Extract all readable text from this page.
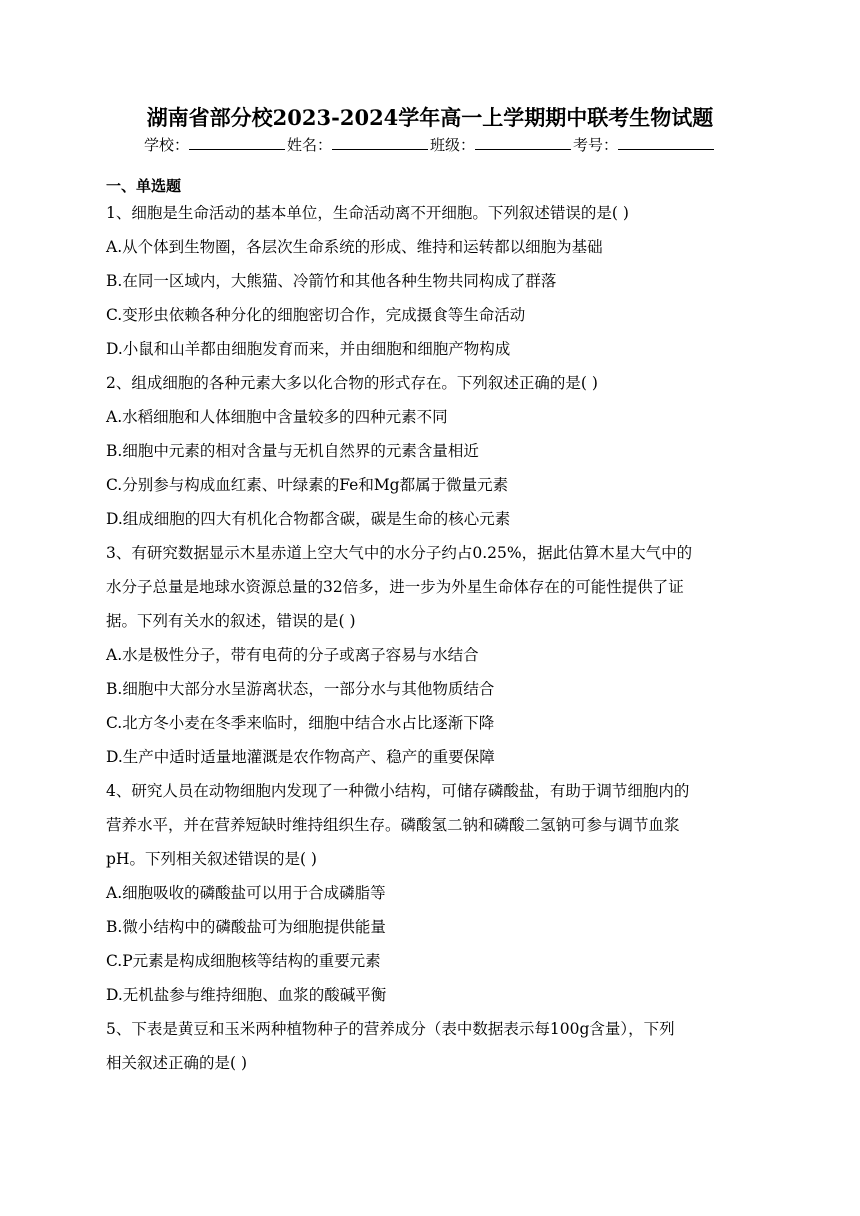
湖南省部分校2023-2024学年高一上学期期中联考生物试题
学校：	姓名：	班级：	考号：
一、单选题
1、细胞是生命活动的基本单位，生命活动离不开细胞。下列叙述错误的是( )
A.从个体到生物圈，各层次生命系统的形成、维持和运转都以细胞为基础
B.在同一区域内，大熊猫、冷箭竹和其他各种生物共同构成了群落
C.变形虫依赖各种分化的细胞密切合作，完成摄食等生命活动
D.小鼠和山羊都由细胞发育而来，并由细胞和细胞产物构成
2、组成细胞的各种元素大多以化合物的形式存在。下列叙述正确的是( )
A.水稻细胞和人体细胞中含量较多的四种元素不同
B.细胞中元素的相对含量与无机自然界的元素含量相近
C.分别参与构成血红素、叶绿素的Fe和Mg都属于微量元素
D.组成细胞的四大有机化合物都含碳，碳是生命的核心元素
3、有研究数据显示木星赤道上空大气中的水分子约占0.25%，据此估算木星大气中的
水分子总量是地球水资源总量的32倍多，进一步为外星生命体存在的可能性提供了证
据。下列有关水的叙述，错误的是( )
A.水是极性分子，带有电荷的分子或离子容易与水结合
B.细胞中大部分水呈游离状态，一部分水与其他物质结合
C.北方冬小麦在冬季来临时，细胞中结合水占比逐渐下降
D.生产中适时适量地灌溉是农作物高产、稳产的重要保障
4、研究人员在动物细胞内发现了一种微小结构，可储存磷酸盐，有助于调节细胞内的
营养水平，并在营养短缺时维持组织生存。磷酸氢二钠和磷酸二氢钠可参与调节血浆
pH。下列相关叙述错误的是( )
A.细胞吸收的磷酸盐可以用于合成磷脂等
B.微小结构中的磷酸盐可为细胞提供能量
C.P元素是构成细胞核等结构的重要元素
D.无机盐参与维持细胞、血浆的酸碱平衡
5、下表是黄豆和玉米两种植物种子的营养成分（表中数据表示每100g含量），下列
相关叙述正确的是( )
